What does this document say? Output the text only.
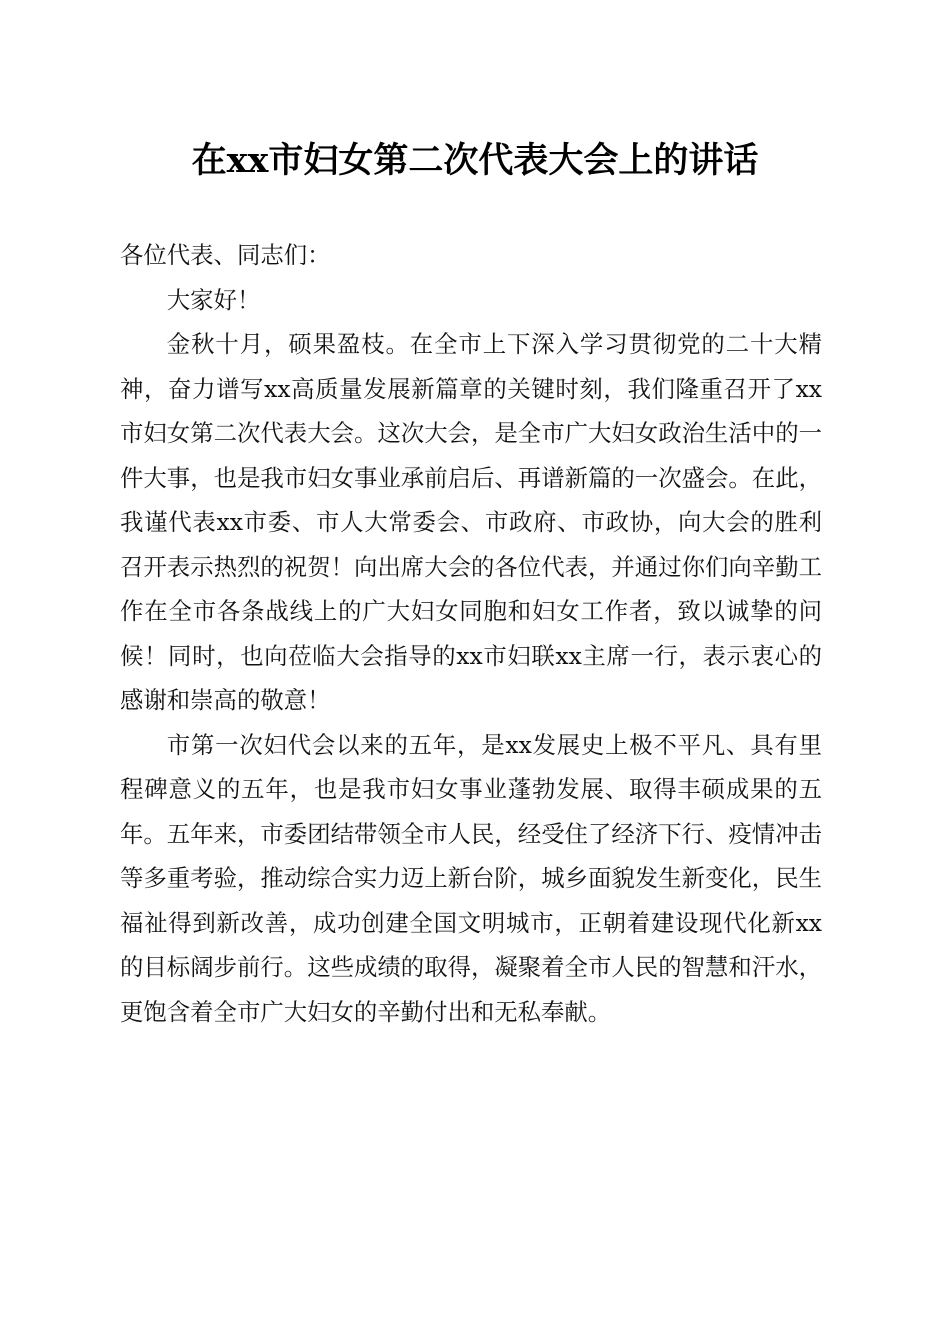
在xx市妇女第二次代表大会上的讲话

各位代表、同志们：

大家好！

金秋十月，硕果盈枝。在全市上下深入学习贯彻党的二十大精神，奋力谱写xx高质量发展新篇章的关键时刻，我们隆重召开了xx市妇女第二次代表大会。这次大会，是全市广大妇女政治生活中的一件大事，也是我市妇女事业承前启后、再谱新篇的一次盛会。在此，我谨代表xx市委、市人大常委会、市政府、市政协，向大会的胜利召开表示热烈的祝贺！向出席大会的各位代表，并通过你们向辛勤工作在全市各条战线上的广大妇女同胞和妇女工作者，致以诚挚的问候！同时，也向莅临大会指导的xx市妇联xx主席一行，表示衷心的感谢和崇高的敬意！

市第一次妇代会以来的五年，是xx发展史上极不平凡、具有里程碑意义的五年，也是我市妇女事业蓬勃发展、取得丰硕成果的五年。五年来，市委团结带领全市人民，经受住了经济下行、疫情冲击等多重考验，推动综合实力迈上新台阶，城乡面貌发生新变化，民生福祉得到新改善，成功创建全国文明城市，正朝着建设现代化新xx的目标阔步前行。这些成绩的取得，凝聚着全市人民的智慧和汗水，更饱含着全市广大妇女的辛勤付出和无私奉献。
